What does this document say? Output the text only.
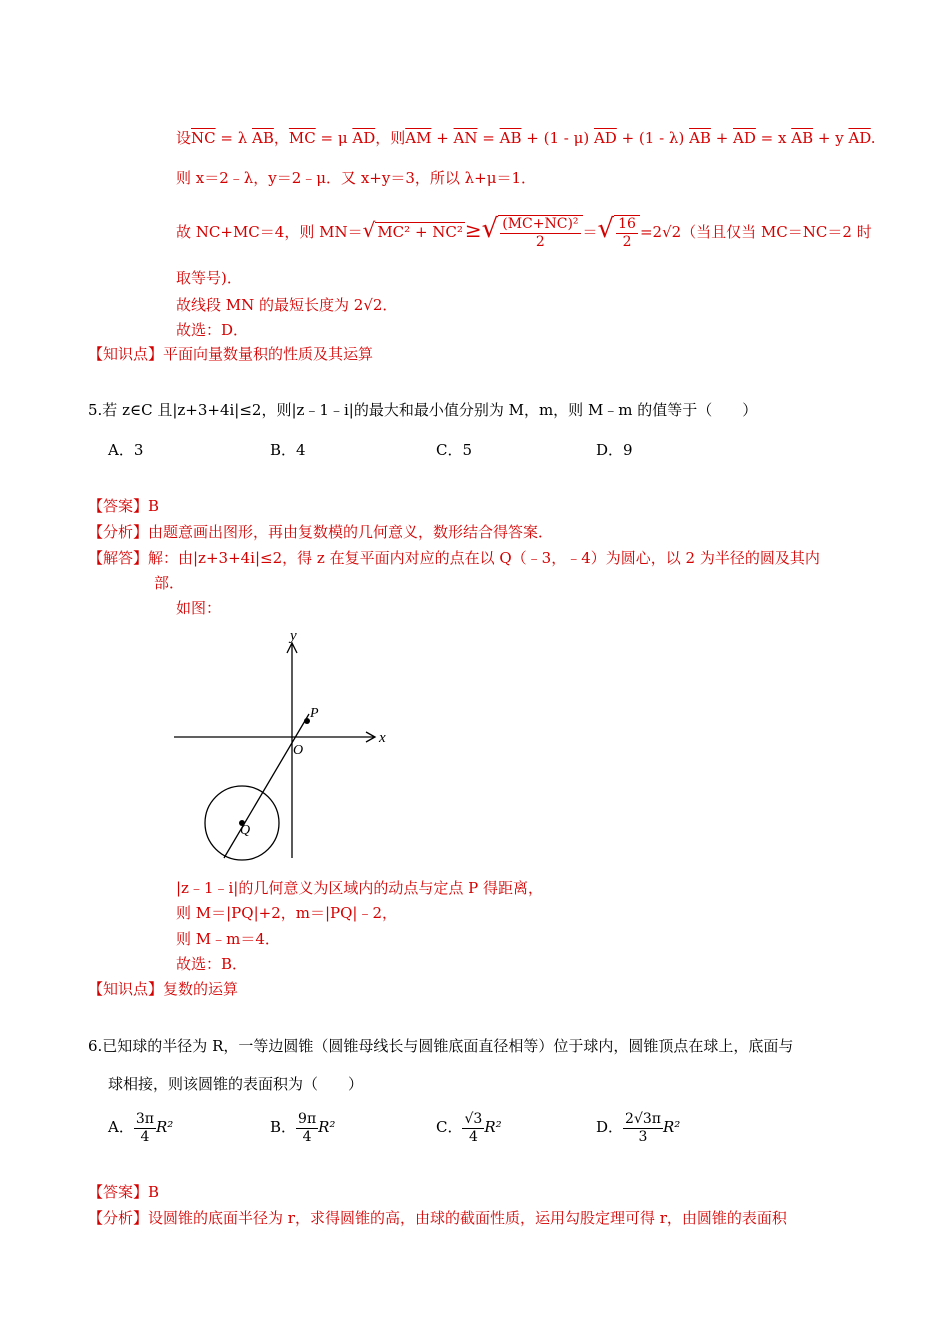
设$\overline{NC} = \lambda$ $\overline{AB}$，$\overline{MC} = \mu$ $\overline{AD}$，则$\overline{AM} + \overline{AN} = \overline{AB} + (1 - \mu) \overline{AD} + (1 - \lambda) \overline{AB} + \overline{AD} = x$ $\overline{AB} + y$ $\overline{AD}$.
则 x＝2﹣λ，y＝2﹣μ．又 x+y＝3，所以 λ+μ＝1．
故 NC+MC＝4，则 MN＝√ MC² + NC² ≥√ $\frac{\text{(MC+NC)²}}{2}$ ＝√ $\frac{16}{2} =2√2$（当且仅当 MC＝NC＝2 时
取等号)．
故线段 MN 的最短长度为 2√2．
故选：D．
【知识点】平面向量数量积的性质及其运算
5.若 z∈C 且|z+3+4i|≤2，则|z﹣1﹣i|的最大和最小值分别为 M，m，则 M﹣m 的值等于（　　）
A．3	B．4	C．5	D．9
【答案】B
【分析】由题意画出图形，再由复数模的几何意义，数形结合得答案．
【解答】解：由|z+3+4i|≤2，得 z 在复平面内对应的点在以 Q（﹣3，﹣4）为圆心，以 2 为半径的圆及其内
部．
如图：
y
x
P
O
Q
|z﹣1﹣i|的几何意义为区域内的动点与定点 P 得距离，
则 M＝|PQ|+2，m＝|PQ|﹣2，
则 M﹣m＝4．
故选：B．
【知识点】复数的运算
6.已知球的半径为 R，一等边圆锥（圆锥母线长与圆锥底面直径相等）位于球内，圆锥顶点在球上，底面与
球相接，则该圆锥的表面积为（　　）
A． $\frac{3\pi}{4} R^2$	B． $\frac{9\pi}{4} R^2$	C． $\frac{√3}{4} R^2$	D． $\frac{2√3\pi}{3} R^2$
【答案】B
【分析】设圆锥的底面半径为 r，求得圆锥的高，由球的截面性质，运用勾股定理可得 r，由圆锥的表面积
